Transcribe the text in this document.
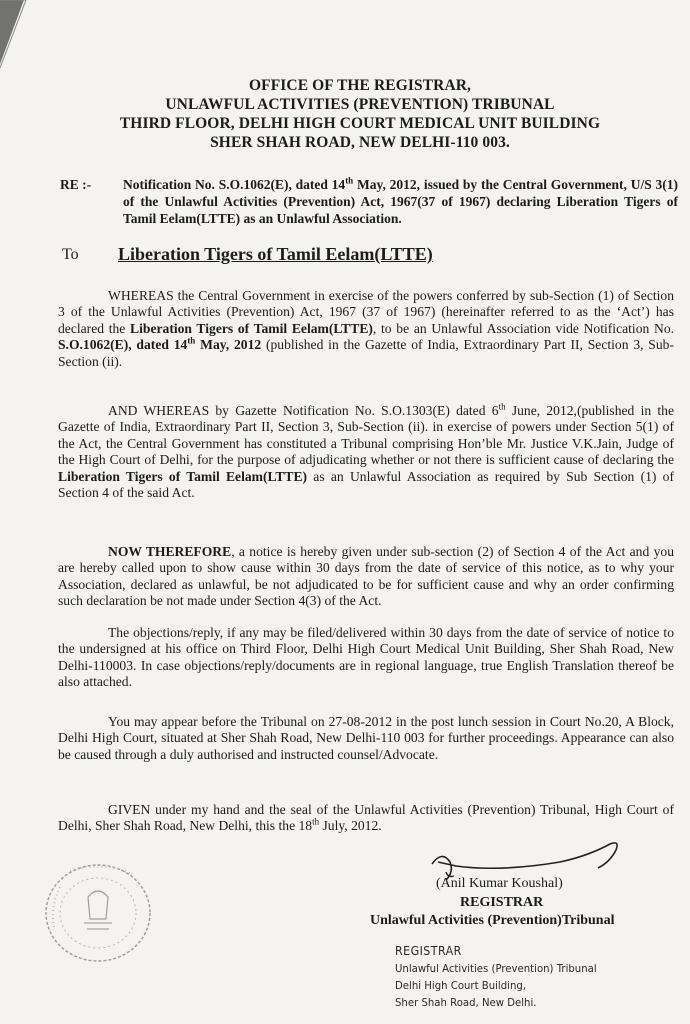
OFFICE OF THE REGISTRAR,
UNLAWFUL ACTIVITIES (PREVENTION) TRIBUNAL
THIRD FLOOR, DELHI HIGH COURT MEDICAL UNIT BUILDING
SHER SHAH ROAD, NEW DELHI-110 003.
RE :- Notification No. S.O.1062(E), dated 14th May, 2012, issued by the Central Government, U/S 3(1) of the Unlawful Activities (Prevention) Act, 1967(37 of 1967) declaring Liberation Tigers of Tamil Eelam(LTTE) as an Unlawful Association.
To Liberation Tigers of Tamil Eelam(LTTE)
WHEREAS the Central Government in exercise of the powers conferred by sub-Section (1) of Section 3 of the Unlawful Activities (Prevention) Act, 1967 (37 of 1967) (hereinafter referred to as the ‘Act’) has declared the Liberation Tigers of Tamil Eelam(LTTE), to be an Unlawful Association vide Notification No. S.O.1062(E), dated 14th May, 2012 (published in the Gazette of India, Extraordinary Part II, Section 3, Sub-Section (ii).
AND WHEREAS by Gazette Notification No. S.O.1303(E) dated 6th June, 2012,(published in the Gazette of India, Extraordinary Part II, Section 3, Sub-Section (ii). in exercise of powers under Section 5(1) of the Act, the Central Government has constituted a Tribunal comprising Hon’ble Mr. Justice V.K.Jain, Judge of the High Court of Delhi, for the purpose of adjudicating whether or not there is sufficient cause of declaring the Liberation Tigers of Tamil Eelam(LTTE) as an Unlawful Association as required by Sub Section (1) of Section 4 of the said Act.
NOW THEREFORE, a notice is hereby given under sub-section (2) of Section 4 of the Act and you are hereby called upon to show cause within 30 days from the date of service of this notice, as to why your Association, declared as unlawful, be not adjudicated to be for sufficient cause and why an order confirming such declaration be not made under Section 4(3) of the Act.
The objections/reply, if any may be filed/delivered within 30 days from the date of service of notice to the undersigned at his office on Third Floor, Delhi High Court Medical Unit Building, Sher Shah Road, New Delhi-110003. In case objections/reply/documents are in regional language, true English Translation thereof be also attached.
You may appear before the Tribunal on 27-08-2012 in the post lunch session in Court No.20, A Block, Delhi High Court, situated at Sher Shah Road, New Delhi-110 003 for further proceedings. Appearance can also be caused through a duly authorised and instructed counsel/Advocate.
GIVEN under my hand and the seal of the Unlawful Activities (Prevention) Tribunal, High Court of Delhi, Sher Shah Road, New Delhi, this the 18th July, 2012.
(Anil Kumar Koushal)
REGISTRAR
Unlawful Activities (Prevention)Tribunal
REGISTRAR
Unlawful Activities (Prevention) Tribunal
Delhi High Court Building,
Sher Shah Road, New Delhi.
